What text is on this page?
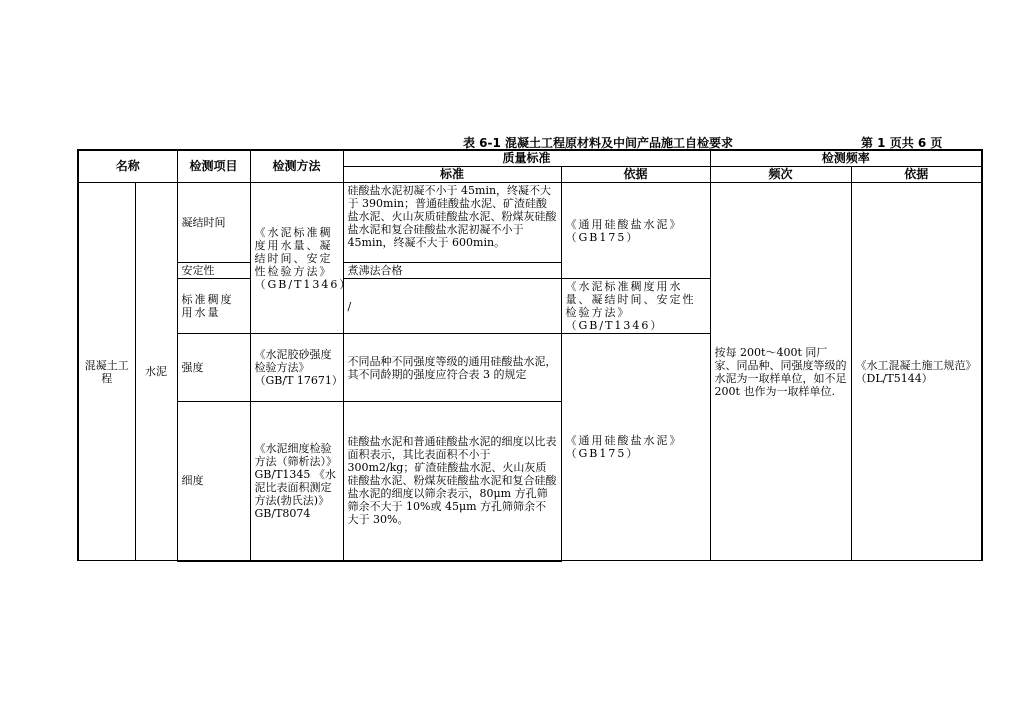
表 6-1 混凝土工程原材料及中间产品施工自检要求	第 1 页共 6 页
名称		检测项目	检测方法	质量标准		检测频率	
				标准	依据	频次	依据
混凝土工程	水泥	凝结时间	《水泥标准稠度用水量、凝结时间、安定性检验方法》（GB/T1346）	硅酸盐水泥初凝不小于 45min，终凝不大于 390min；普通硅酸盐水泥、矿渣硅酸盐水泥、火山灰质硅酸盐水泥、粉煤灰硅酸盐水泥和复合硅酸盐水泥初凝不小于 45min，终凝不大于 600min。	《通用硅酸盐水泥》（GB175）	按每 200t～400t 同厂家、同品种、同强度等级的水泥为一取样单位，如不足 200t 也作为一取样单位.	《水工混凝土施工规范》（DL/T5144）
		安定性		煮沸法合格			
		标准稠度用水量		/	《水泥标准稠度用水量、凝结时间、安定性检验方法》（GB/T1346）		
		强度	《水泥胶砂强度检验方法》（GB/T 17671）	不同品种不同强度等级的通用硅酸盐水泥，其不同龄期的强度应符合表 3 的规定	《通用硅酸盐水泥》（GB175）		
		细度	《水泥细度检验方法（筛析法）》GB/T1345 《水泥比表面积测定方法(勃氏法)》GB/T8074	硅酸盐水泥和普通硅酸盐水泥的细度以比表面积表示，其比表面积不小于 300m2/kg；矿渣硅酸盐水泥、火山灰质硅酸盐水泥、粉煤灰硅酸盐水泥和复合硅酸盐水泥的细度以筛余表示，80μm 方孔筛筛余不大于 10%或 45μm 方孔筛筛余不大于 30%。			
